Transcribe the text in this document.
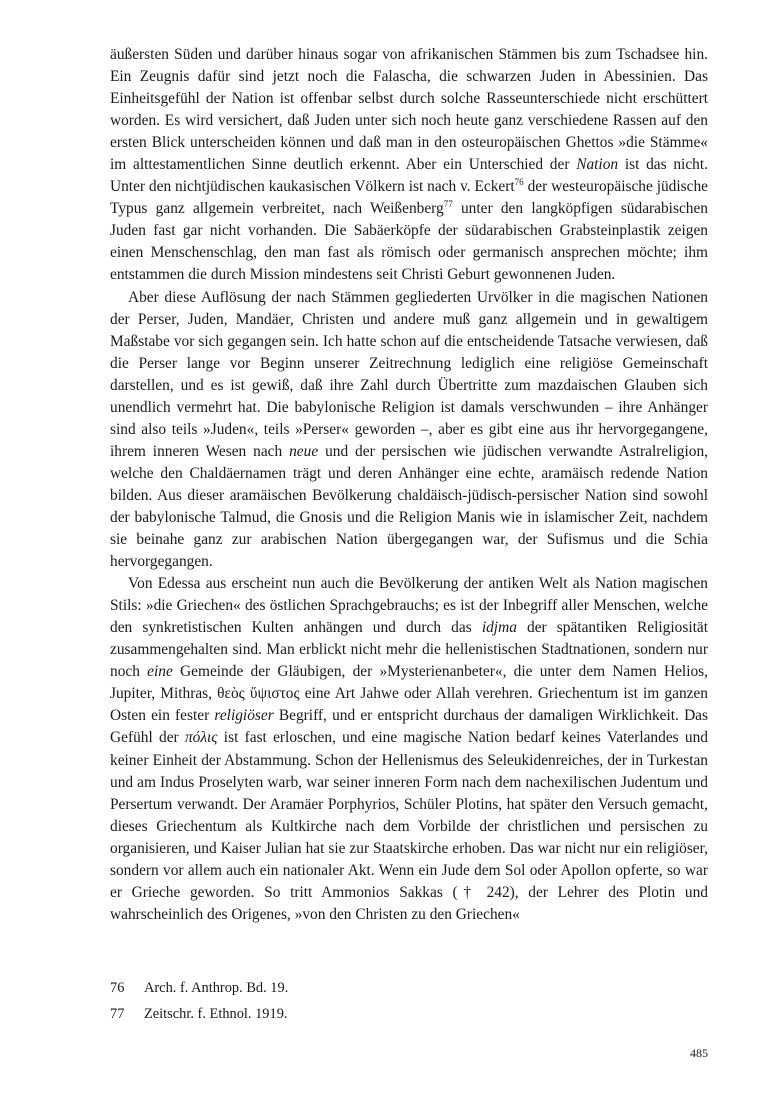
äußersten Süden und darüber hinaus sogar von afrikanischen Stämmen bis zum Tschadsee hin. Ein Zeugnis dafür sind jetzt noch die Falascha, die schwarzen Juden in Abessinien. Das Einheitsgefühl der Nation ist offenbar selbst durch solche Rasseunterschiede nicht erschüttert worden. Es wird versichert, daß Juden unter sich noch heute ganz verschiedene Rassen auf den ersten Blick unterscheiden können und daß man in den osteuropäischen Ghettos »die Stämme« im alttestamentlichen Sinne deutlich erkennt. Aber ein Unterschied der Nation ist das nicht. Unter den nichtjüdischen kaukasischen Völkern ist nach v. Eckert$^{76}$ der westeuropäische jüdische Typus ganz allgemein verbreitet, nach Weißenberg$^{77}$ unter den langköpfigen südarabischen Juden fast gar nicht vorhanden. Die Sabäerköpfe der südarabischen Grabsteinplastik zeigen einen Menschenschlag, den man fast als römisch oder germanisch ansprechen möchte; ihm entstammen die durch Mission mindestens seit Christi Geburt gewonnenen Juden.

Aber diese Auflösung der nach Stämmen gegliederten Urvölker in die magischen Nationen der Perser, Juden, Mandäer, Christen und andere muß ganz allgemein und in gewaltigem Maßstabe vor sich gegangen sein. Ich hatte schon auf die entscheidende Tatsache verwiesen, daß die Perser lange vor Beginn unserer Zeitrechnung lediglich eine religiöse Gemeinschaft darstellen, und es ist gewiß, daß ihre Zahl durch Übertritte zum mazdaischen Glauben sich unendlich vermehrt hat. Die babylonische Religion ist damals verschwunden – ihre Anhänger sind also teils »Juden«, teils »Perser« geworden –, aber es gibt eine aus ihr hervorgegangene, ihrem inneren Wesen nach neue und der persischen wie jüdischen verwandte Astralreligion, welche den Chaldäernamen trägt und deren Anhänger eine echte, aramäisch redende Nation bilden. Aus dieser aramäischen Bevölkerung chaldäisch-jüdisch-persischer Nation sind sowohl der babylonische Talmud, die Gnosis und die Religion Manis wie in islamischer Zeit, nachdem sie beinahe ganz zur arabischen Nation übergegangen war, der Sufismus und die Schia hervorgegangen.

Von Edessa aus erscheint nun auch die Bevölkerung der antiken Welt als Nation magischen Stils: »die Griechen« des östlichen Sprachgebrauchs; es ist der Inbegriff aller Menschen, welche den synkretistischen Kulten anhängen und durch das idjma der spätantiken Religiosität zusammengehalten sind. Man erblickt nicht mehr die hellenistischen Stadtnationen, sondern nur noch eine Gemeinde der Gläubigen, der »Mysterienanbeter«, die unter dem Namen Helios, Jupiter, Mithras, θεὸς ὕψιστος eine Art Jahwe oder Allah verehren. Griechentum ist im ganzen Osten ein fester religiöser Begriff, und er entspricht durchaus der damaligen Wirklichkeit. Das Gefühl der πόλις ist fast erloschen, und eine magische Nation bedarf keines Vaterlandes und keiner Einheit der Abstammung. Schon der Hellenismus des Seleukidenreiches, der in Turkestan und am Indus Proselyten warb, war seiner inneren Form nach dem nachexilischen Judentum und Persertum verwandt. Der Aramäer Porphyrios, Schüler Plotins, hat später den Versuch gemacht, dieses Griechentum als Kultkirche nach dem Vorbilde der christlichen und persischen zu organisieren, und Kaiser Julian hat sie zur Staatskirche erhoben. Das war nicht nur ein religiöser, sondern vor allem auch ein nationaler Akt. Wenn ein Jude dem Sol oder Apollon opferte, so war er Grieche geworden. So tritt Ammonios Sakkas († 242), der Lehrer des Plotin und wahrscheinlich des Origenes, »von den Christen zu den Griechen«

76	Arch. f. Anthrop. Bd. 19.
77	Zeitschr. f. Ethnol. 1919.
485
